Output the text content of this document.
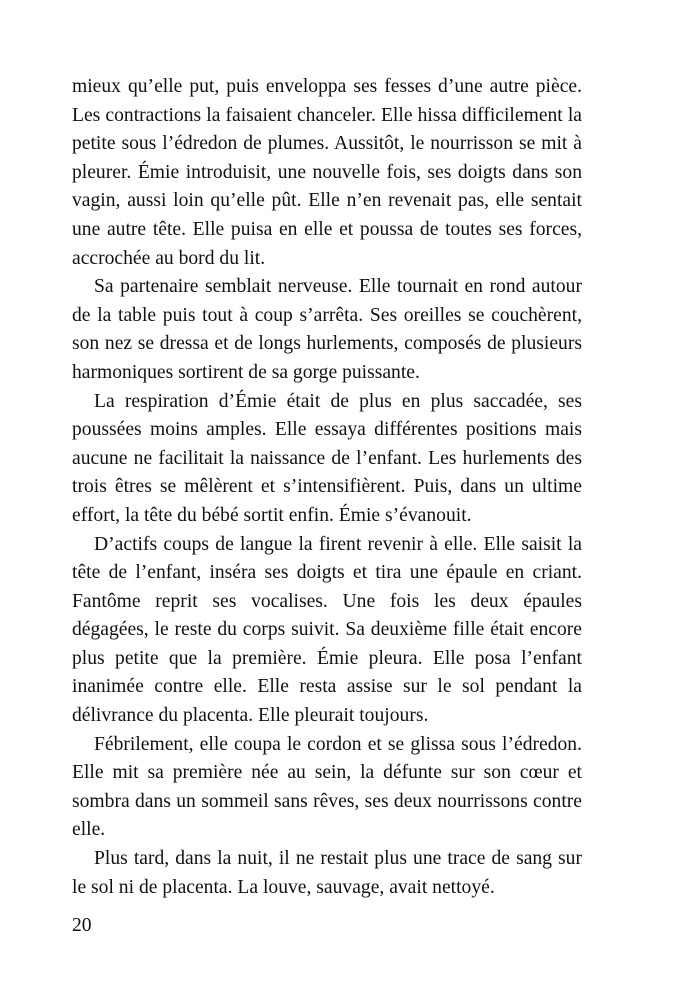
mieux qu’elle put, puis enveloppa ses fesses d’une autre pièce. Les contractions la faisaient chanceler. Elle hissa difficilement la petite sous l’édredon de plumes. Aussitôt, le nourrisson se mit à pleurer. Émie introduisit, une nouvelle fois, ses doigts dans son vagin, aussi loin qu’elle pût. Elle n’en revenait pas, elle sentait une autre tête. Elle puisa en elle et poussa de toutes ses forces, accrochée au bord du lit.

Sa partenaire semblait nerveuse. Elle tournait en rond autour de la table puis tout à coup s’arrêta. Ses oreilles se couchèrent, son nez se dressa et de longs hurlements, composés de plusieurs harmoniques sortirent de sa gorge puissante.

La respiration d’Émie était de plus en plus saccadée, ses poussées moins amples. Elle essaya différentes positions mais aucune ne facilitait la naissance de l’enfant. Les hurlements des trois êtres se mêlèrent et s’intensifièrent. Puis, dans un ultime effort, la tête du bébé sortit enfin. Émie s’évanouit.

D’actifs coups de langue la firent revenir à elle. Elle saisit la tête de l’enfant, inséra ses doigts et tira une épaule en criant. Fantôme reprit ses vocalises. Une fois les deux épaules dégagées, le reste du corps suivit. Sa deuxième fille était encore plus petite que la première. Émie pleura. Elle posa l’enfant inanimée contre elle. Elle resta assise sur le sol pendant la délivrance du placenta. Elle pleurait toujours.

Fébrilement, elle coupa le cordon et se glissa sous l’édredon. Elle mit sa première née au sein, la défunte sur son cœur et sombra dans un sommeil sans rêves, ses deux nourrissons contre elle.

Plus tard, dans la nuit, il ne restait plus une trace de sang sur le sol ni de placenta. La louve, sauvage, avait nettoyé.

20
